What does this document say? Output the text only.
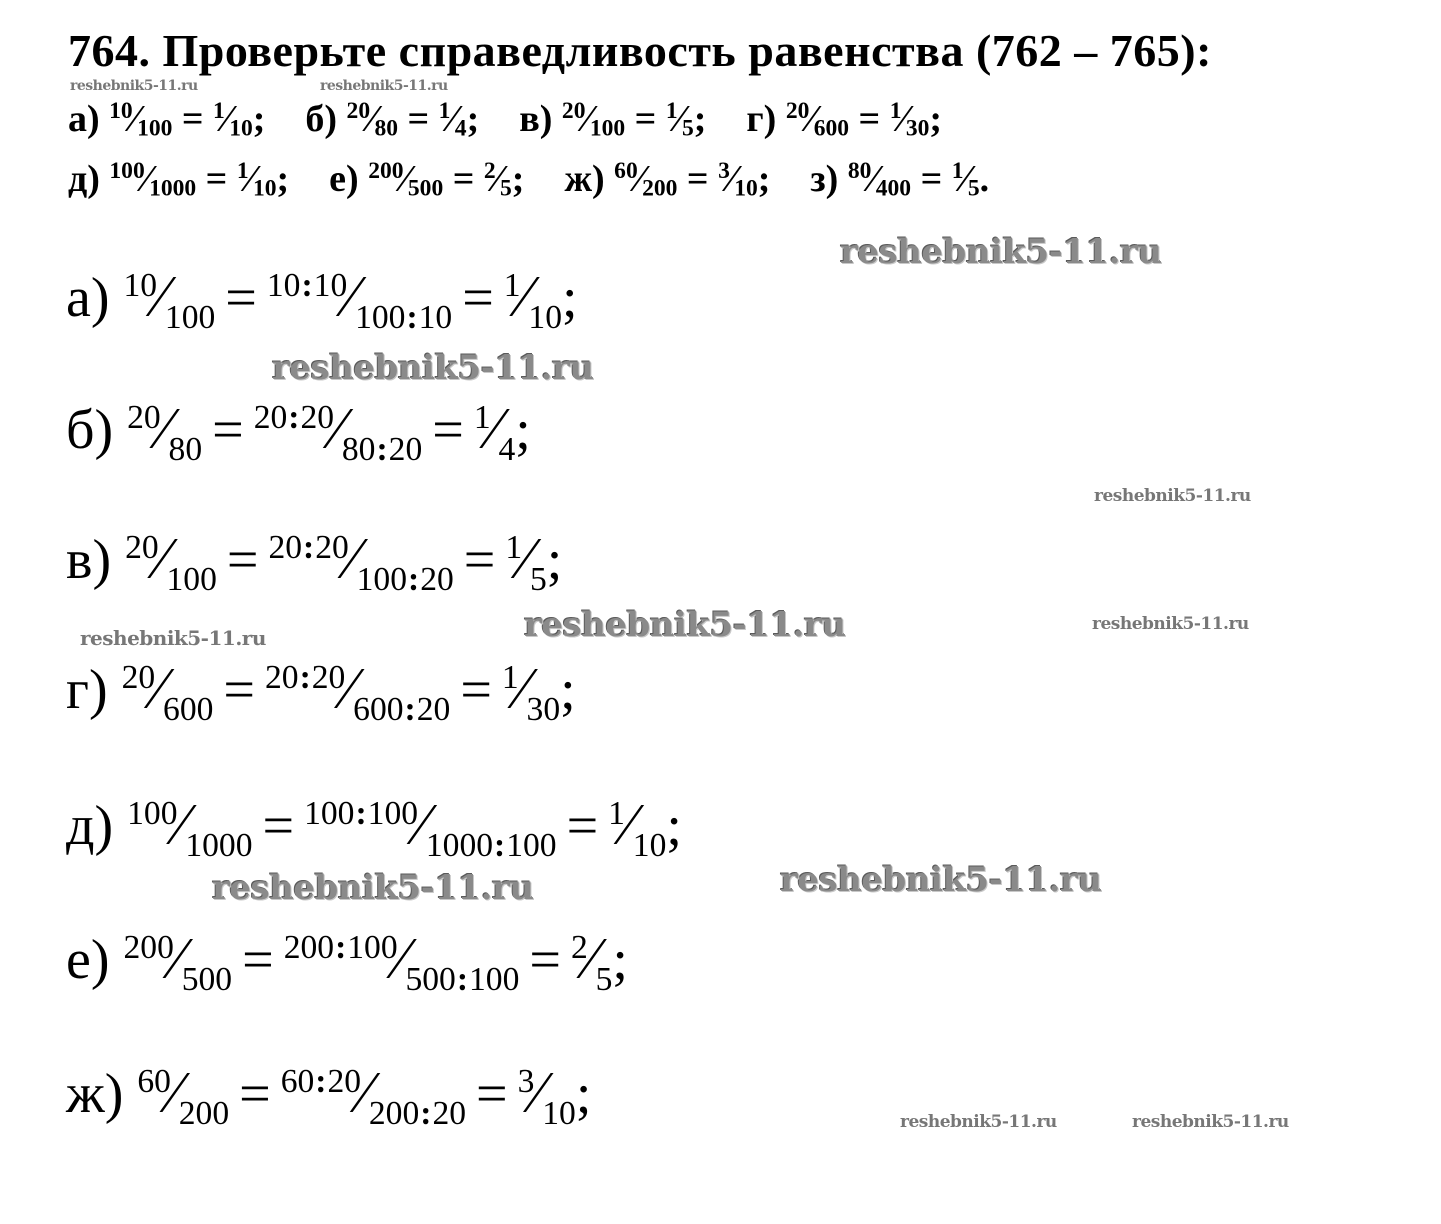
764. Проверьте справедливость равенства (762 – 765):
а) $^{10}$⁄100 = $^1$⁄10; б) $^{20}$⁄80 = $^1$⁄4; в) $^{20}$⁄100 = $^1$⁄5; г) $^{20}$⁄600 = $^1$⁄30;
д) $^{100}$⁄1000 = $^1$⁄10; е) $^{200}$⁄500 = $^2$⁄5; ж) $^{60}$⁄200 = $^3$⁄10; з) $^{80}$⁄400 = $^1$⁄5.
а) $^{10}⁄_{100}$ = $^{10:10}⁄_{100:10}$ = $^1⁄_{10}$;
б) $^{20}⁄_{80}$ = $^{20:20}⁄_{80:20}$ = $^1⁄_4$;
в) $^{20}⁄_{100}$ = $^{20:20}⁄_{100:20}$ = $^1⁄_5$;
г) $^{20}⁄_{600}$ = $^{20:20}⁄_{600:20}$ = $^1⁄_{30}$;
д) $^{100}⁄_{1000}$ = $^{100:100}⁄_{1000:100}$ = $^1⁄_{10}$;
е) $^{200}⁄_{500}$ = $^{200:100}⁄_{500:100}$ = $^2⁄_5$;
ж) $^{60}⁄_{200}$ = $^{60:20}⁄_{200:20}$ = $^3⁄_{10}$;
reshebnik5-11.ru	reshebnik5-11.ru
reshebnik5-11.ru
reshebnik5-11.ru
reshebnik5-11.ru
reshebnik5-11.ru
reshebnik5-11.ru
reshebnik5-11.ru
reshebnik5-11.ru
reshebnik5-11.ru
reshebnik5-11.ru	reshebnik5-11.ru
